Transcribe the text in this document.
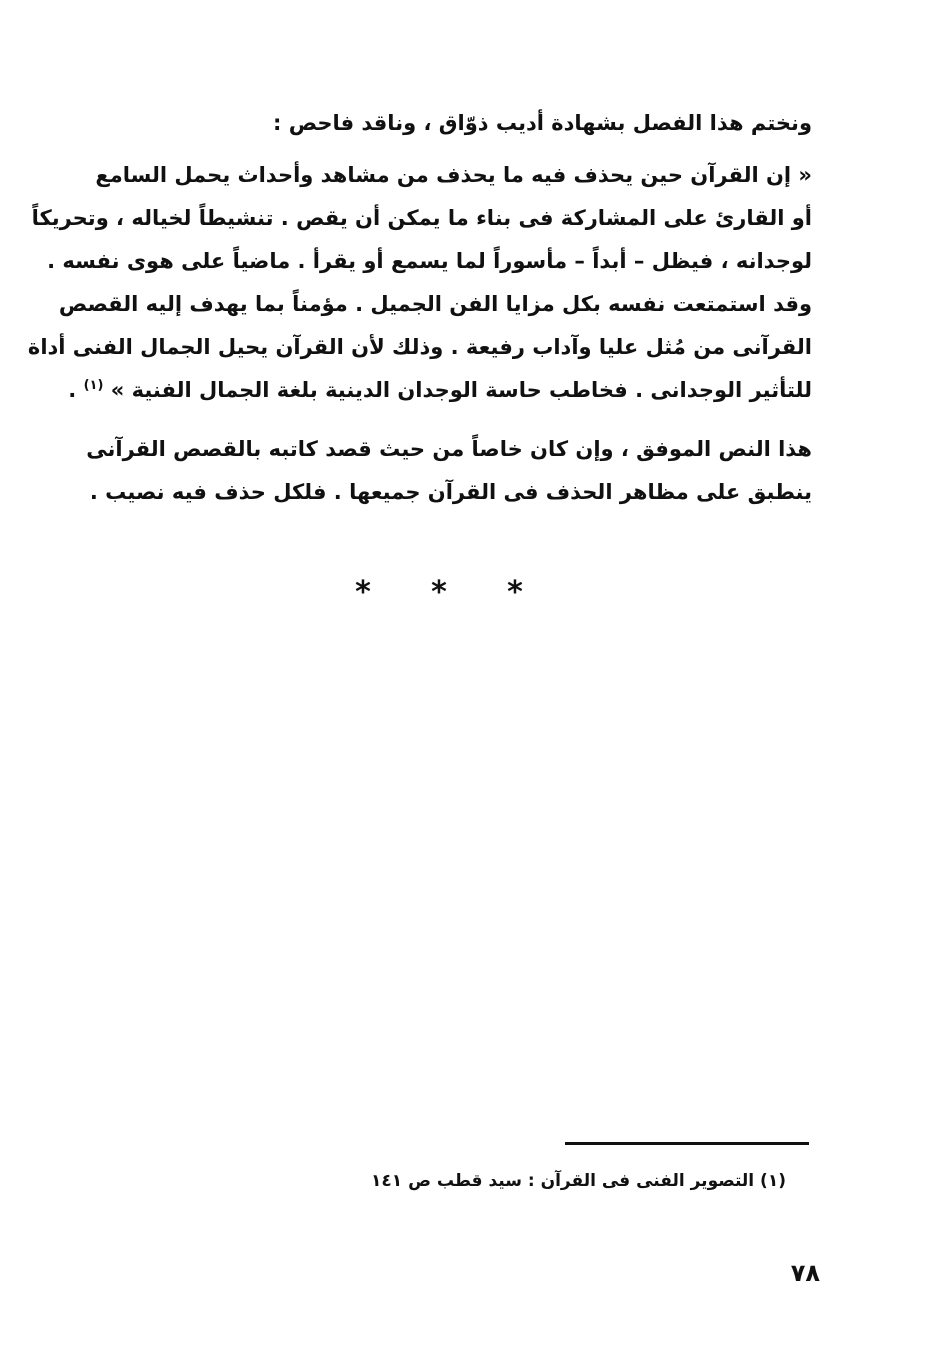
ونختم هذا الفصل بشهادة أديب ذوّاق ، وناقد فاحص :
« إن القرآن حين يحذف فيه ما يحذف من مشاهد وأحداث يحمل السامع
أو القارئ على المشاركة فى بناء ما يمكن أن يقص . تنشيطاً لخياله ، وتحريكاً
لوجدانه ، فيظل – أبداً – مأسوراً لما يسمع أو يقرأ . ماضياً على هوى نفسه .
وقد استمتعت نفسه بكل مزايا الفن الجميل . مؤمناً بما يهدف إليه القصص
القرآنى من مُثل عليا وآداب رفيعة . وذلك لأن القرآن يحيل الجمال الفنى أداة
للتأثير الوجدانى . فخاطب حاسة الوجدان الدينية بلغة الجمال الفنية » $^{(١)}$ .
هذا النص الموفق ، وإن كان خاصاً من حيث قصد كاتبه بالقصص القرآنى
ينطبق على مظاهر الحذف فى القرآن جميعها . فلكل حذف فيه نصيب .
* * *
(١) التصوير الفنى فى القرآن : سيد قطب ص ١٤١
٧٨
